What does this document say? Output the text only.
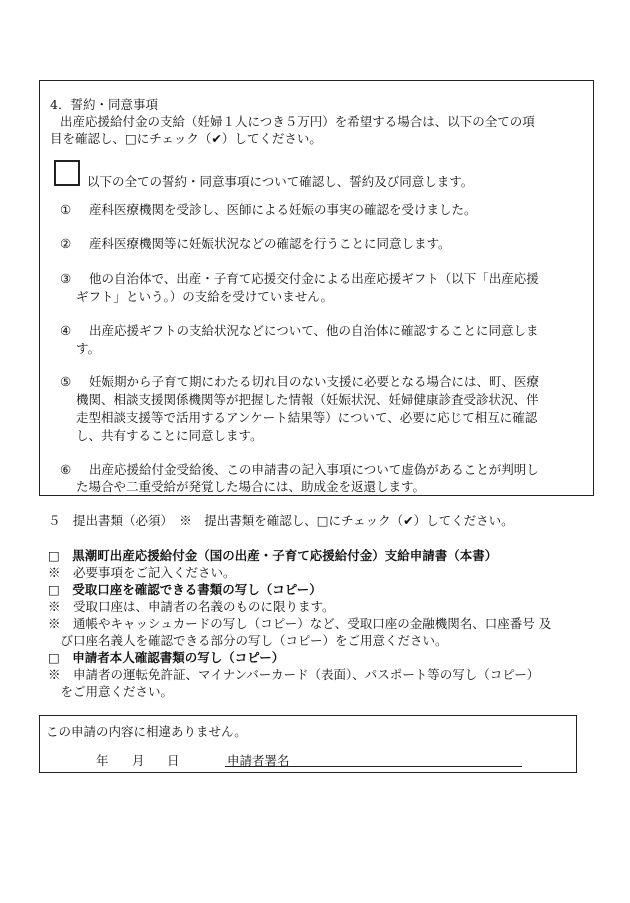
4．誓約・同意事項
出産応援給付金の支給（妊婦１人につき５万円）を希望する場合は、以下の全ての項
目を確認し、□にチェック（✔）してください。
以下の全ての誓約・同意事項について確認し、誓約及び同意します。
① 産科医療機関を受診し、医師による妊娠の事実の確認を受けました。
② 産科医療機関等に妊娠状況などの確認を行うことに同意します。
③ 他の自治体で、出産・子育て応援交付金による出産応援ギフト（以下「出産応援
ギフト」という。）の支給を受けていません。
④ 出産応援ギフトの支給状況などについて、他の自治体に確認することに同意しま
す。
⑤ 妊娠期から子育て期にわたる切れ目のない支援に必要となる場合には、町、医療
機関、相談支援関係機関等が把握した情報（妊娠状況、妊婦健康診査受診状況、伴
走型相談支援等で活用するアンケート結果等）について、必要に応じて相互に確認
し、共有することに同意します。
⑥ 出産応援給付金受給後、この申請書の記入事項について虚偽があることが判明し
た場合や二重受給が発覚した場合には、助成金を返還します。
５　提出書類（必須）　※　提出書類を確認し、□にチェック（✔）してください。
□　黒潮町出産応援給付金（国の出産・子育て応援給付金）支給申請書（本書）
※　必要事項をご記入ください。
□　受取口座を確認できる書類の写し（コピー）
※　受取口座は、申請者の名義のものに限ります。
※　通帳やキャッシュカードの写し（コピー）など、受取口座の金融機関名、口座番号 及
　び口座名義人を確認できる部分の写し（コピー）をご用意ください。
□　申請者本人確認書類の写し（コピー）
※　申請者の運転免許証、マイナンバーカード（表面）、パスポート等の写し（コピー）
　をご用意ください。
この申請の内容に相違ありません。
年 月 日	申請者署名
